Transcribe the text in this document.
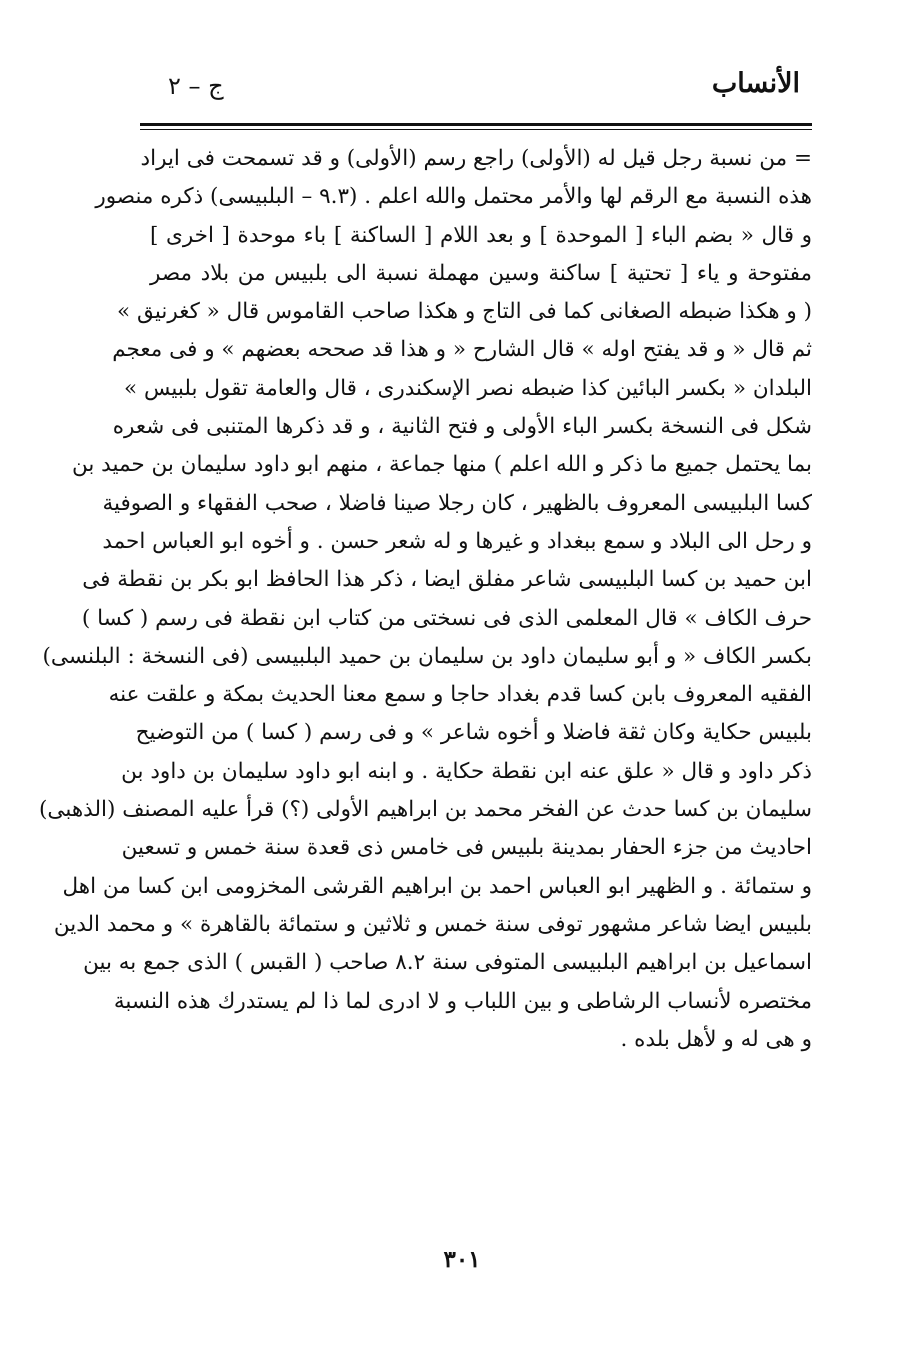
الأنساب
ج – ٢
= من نسبة رجل قيل له (الأولى) راجع رسم (الأولى) و قد تسمحت فى ايراد
هذه النسبة مع الرقم لها والأمر محتمل والله اعلم . (٩.٣ – البلبيسى) ذكره منصور
و قال « بضم الباء [ الموحدة ] و بعد اللام [ الساكنة ] باء موحدة [ اخرى ]
مفتوحة و ياء [ تحتية ] ساكنة وسين مهملة نسبة الى بلبيس من بلاد مصر
( و هكذا ضبطه الصغانى كما فى التاج و هكذا صاحب القاموس قال « كغرنيق »
ثم قال « و قد يفتح اوله » قال الشارح « و هذا قد صححه بعضهم » و فى معجم
البلدان « بكسر البائين كذا ضبطه نصر الإسكندرى ، قال والعامة تقول بلبيس »
شكل فى النسخة بكسر الباء الأولى و فتح الثانية ، و قد ذكرها المتنبى فى شعره
بما يحتمل جميع ما ذكر و الله اعلم ) منها جماعة ، منهم ابو داود سليمان بن حميد بن
كسا البلبيسى المعروف بالظهير ، كان رجلا صينا فاضلا ، صحب الفقهاء و الصوفية
و رحل الى البلاد و سمع ببغداد و غيرها و له شعر حسن . و أخوه ابو العباس احمد
ابن حميد بن كسا البلبيسى شاعر مفلق ايضا ، ذكر هذا الحافظ ابو بكر بن نقطة فى
حرف الكاف » قال المعلمى الذى فى نسختى من كتاب ابن نقطة فى رسم ( كسا )
بكسر الكاف « و أبو سليمان داود بن سليمان بن حميد البلبيسى (فى النسخة : البلنسى)
الفقيه المعروف بابن كسا قدم بغداد حاجا و سمع معنا الحديث بمكة و علقت عنه
بلبيس حكاية وكان ثقة فاضلا و أخوه شاعر » و فى رسم ( كسا ) من التوضيح
ذكر داود و قال « علق عنه ابن نقطة حكاية . و ابنه ابو داود سليمان بن داود بن
سليمان بن كسا حدث عن الفخر محمد بن ابراهيم الأولى (؟) قرأ عليه المصنف (الذهبى)
احاديث من جزء الحفار بمدينة بلبيس فى خامس ذى قعدة سنة خمس و تسعين
و ستمائة . و الظهير ابو العباس احمد بن ابراهيم القرشى المخزومى ابن كسا من اهل
بلبيس ايضا شاعر مشهور توفى سنة خمس و ثلاثين و ستمائة بالقاهرة » و محمد الدين
اسماعيل بن ابراهيم البلبيسى المتوفى سنة ٨.٢ صاحب ( القبس ) الذى جمع به بين
مختصره لأنساب الرشاطى و بين اللباب و لا ادرى لما ذا لم يستدرك هذه النسبة
و هى له و لأهل بلده .
٣٠١
